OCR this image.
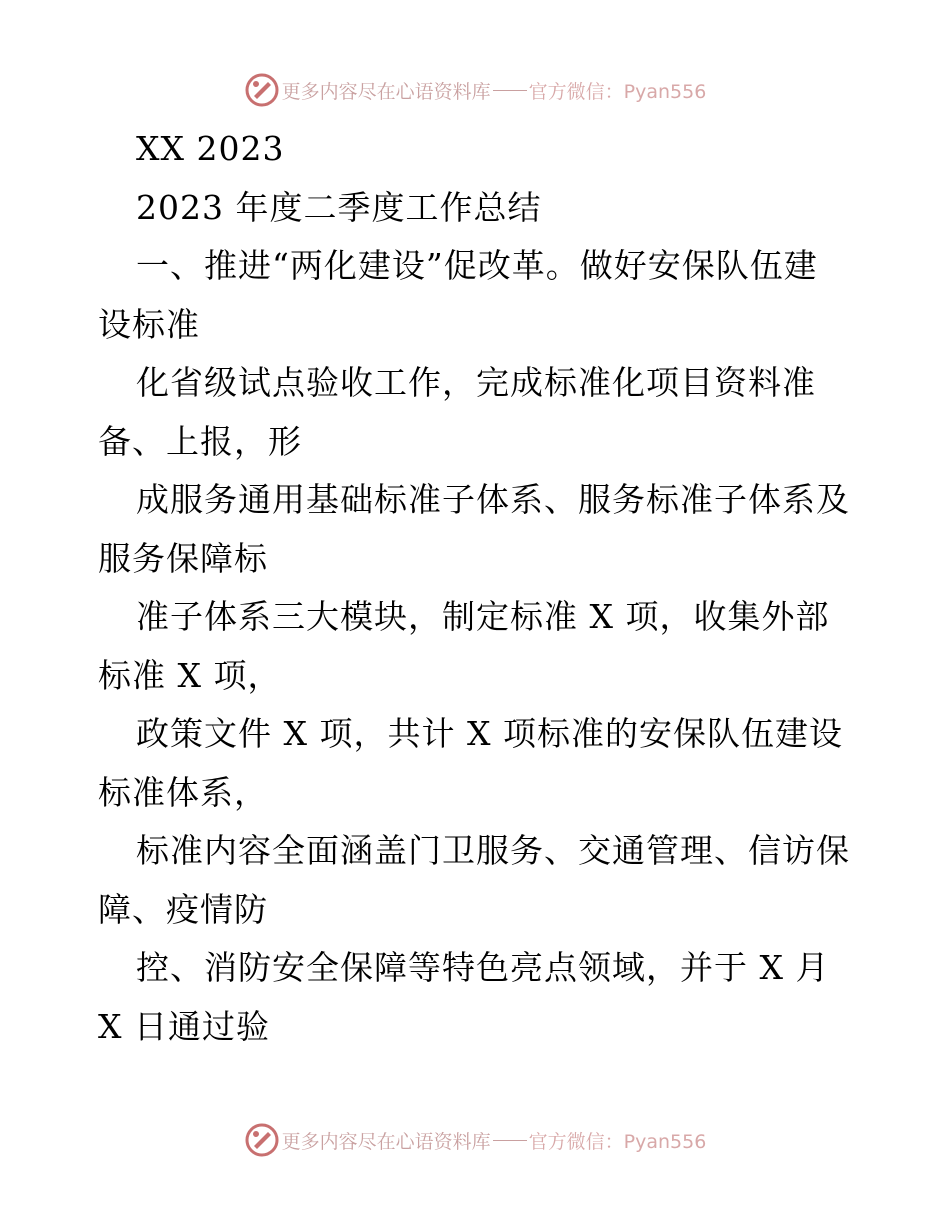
更多内容尽在心语资料库 官方微信：Pyan556
XX 2023
2023 年度二季度工作总结
一、推进“两化建设”促改革。做好安保队伍建
设标准
化省级试点验收工作，完成标准化项目资料准
备、上报，形
成服务通用基础标准子体系、服务标准子体系及
服务保障标
准子体系三大模块，制定标准 X 项，收集外部
标准 X 项，
政策文件 X 项，共计 X 项标准的安保队伍建设
标准体系，
标准内容全面涵盖门卫服务、交通管理、信访保
障、疫情防
控、消防安全保障等特色亮点领域，并于 X 月
X 日通过验
更多内容尽在心语资料库 官方微信：Pyan556
